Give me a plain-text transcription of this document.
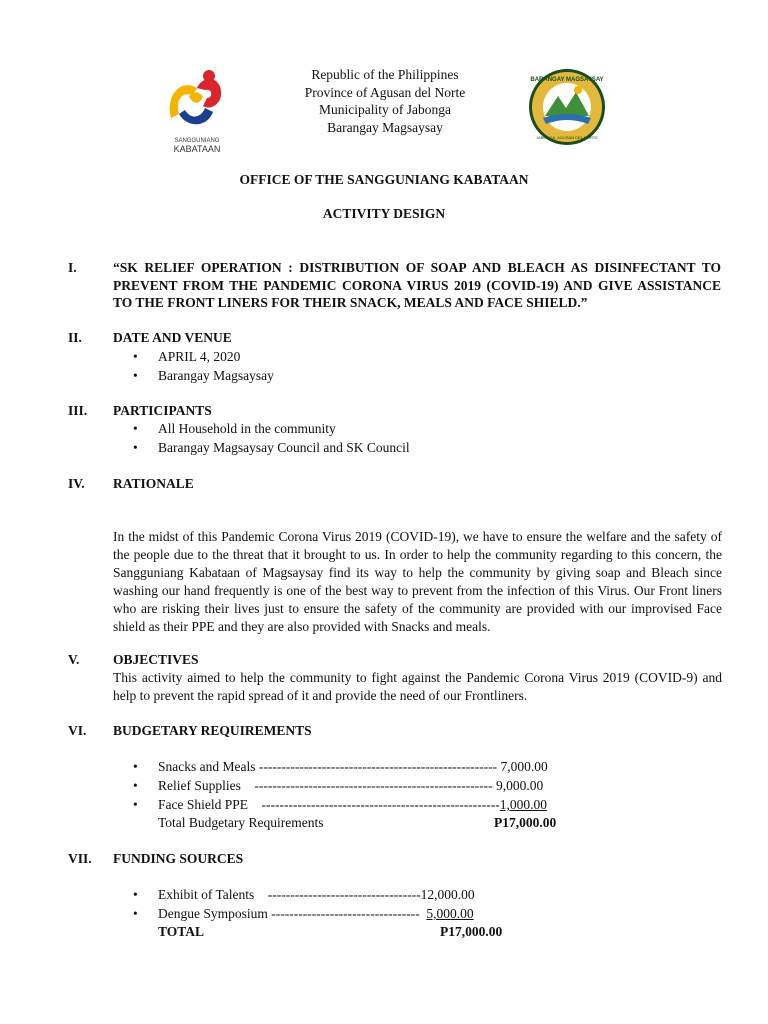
SANGGUNIANG
KABATAAN
BARANGAY MAGSAYSAY
JABONGA, AGUSAN DEL NORTE
Republic of the Philippines
Province of Agusan del Norte
Municipality of Jabonga
Barangay Magsaysay
OFFICE OF THE SANGGUNIANG KABATAAN
ACTIVITY DESIGN
I.	“SK RELIEF OPERATION : DISTRIBUTION OF SOAP AND BLEACH AS DISINFECTANT TO PREVENT FROM THE PANDEMIC CORONA VIRUS 2019 (COVID-19) AND GIVE ASSISTANCE TO THE FRONT LINERS FOR THEIR SNACK, MEALS AND FACE SHIELD.”
II. DATE AND VENUE
• APRIL 4, 2020
• Barangay Magsaysay
III. PARTICIPANTS
• All Household in the community
• Barangay Magsaysay Council and SK Council
IV. RATIONALE
In the midst of this Pandemic Corona Virus 2019 (COVID-19), we have to ensure the welfare and the safety of the people due to the threat that it brought to us. In order to help the community regarding to this concern, the Sangguniang Kabataan of Magsaysay find its way to help the community by giving soap and Bleach since washing our hand frequently is one of the best way to prevent from the infection of this Virus. Our Front liners who are risking their lives just to ensure the safety of the community are provided with our improvised Face shield as their PPE and they are also provided with Snacks and meals.
V. OBJECTIVES
This activity aimed to help the community to fight against the Pandemic Corona Virus 2019 (COVID-9) and help to prevent the rapid spread of it and provide the need of our Frontliners.
VI. BUDGETARY REQUIREMENTS
• Snacks and Meals ----------------------------------------------------- 7,000.00
• Relief Supplies    ----------------------------------------------------- 9,000.00
• Face Shield PPE    -----------------------------------------------------1,000.00
Total Budgetary Requirements	P17,000.00
VII. FUNDING SOURCES
• Exhibit of Talents    ----------------------------------12,000.00
• Dengue Symposium ---------------------------------  5,000.00
TOTAL	P17,000.00
